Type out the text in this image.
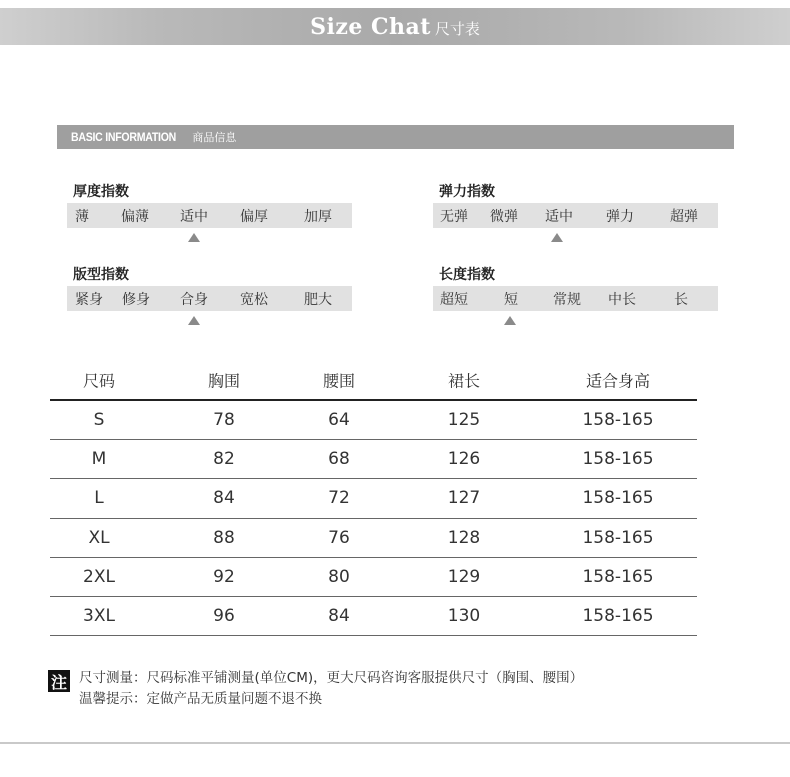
Size Chat 尺寸表
BASIC INFORMATION 商品信息
厚度指数
薄 偏薄 适中 偏厚	加厚
弹力指数
无弹 微弹 适中 弹力	超弹
版型指数
紧身 修身 合身 宽松	肥大
长度指数
超短	短	常规 中长	长
尺码	胸围	腰围	裙长	适合身高
S	78	64	125	158-165
M	82	68	126	158-165
L	84	72	127	158-165
XL	88	76	128	158-165
2XL	92	80	129	158-165
3XL	96	84	130	158-165
注 尺寸测量：尺码标准平铺测量(单位CM)，更大尺码咨询客服提供尺寸（胸围、腰围）
温馨提示：定做产品无质量问题不退不换
